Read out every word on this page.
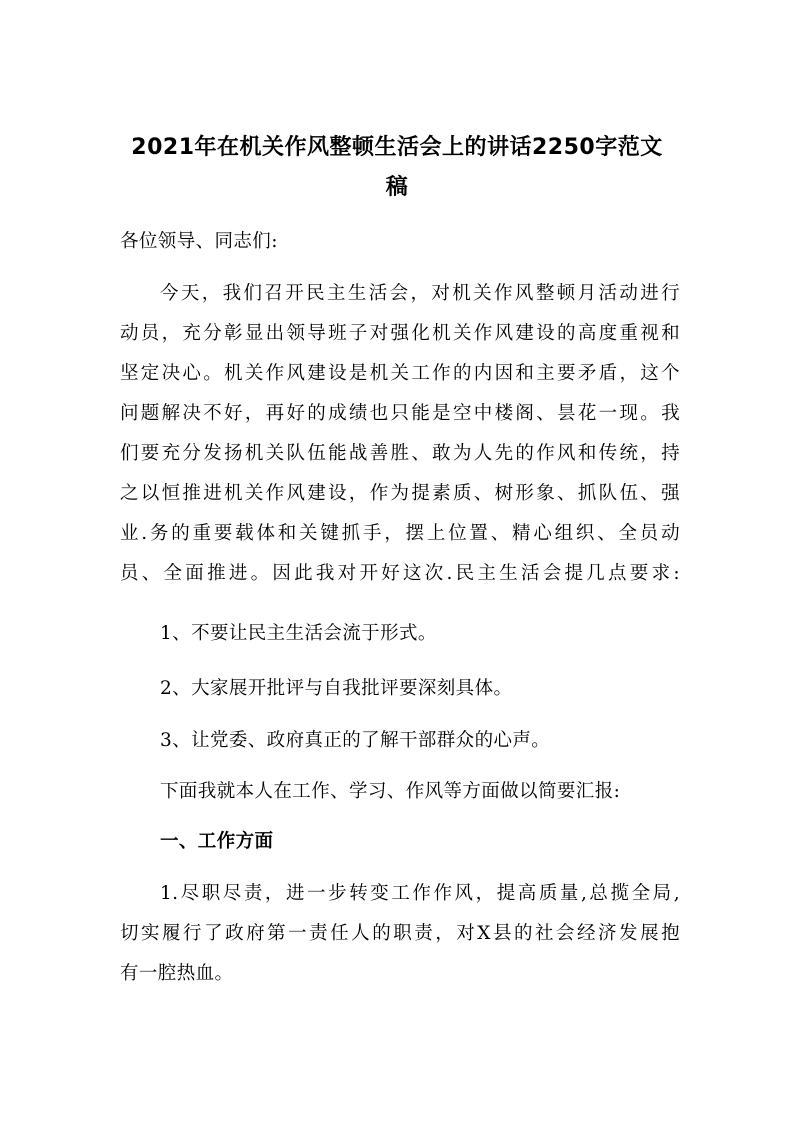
2021年在机关作风整顿生活会上的讲话2250字范文
稿
各位领导、同志们:
今天，我们召开民主生活会，对机关作风整顿月活动进行
动员，充分彰显出领导班子对强化机关作风建设的高度重视和
坚定决心。机关作风建设是机关工作的内因和主要矛盾，这个
问题解决不好，再好的成绩也只能是空中楼阁、昙花一现。我
们要充分发扬机关队伍能战善胜、敢为人先的作风和传统，持
之以恒推进机关作风建设，作为提素质、树形象、抓队伍、强
业.务的重要载体和关键抓手，摆上位置、精心组织、全员动
员、全面推进。因此我对开好这次.民主生活会提几点要求:
1、不要让民主生活会流于形式。
2、大家展开批评与自我批评要深刻具体。
3、让党委、政府真正的了解干部群众的心声。
下面我就本人在工作、学习、作风等方面做以简要汇报:
一、工作方面
1.尽职尽责，进一步转变工作作风，提高质量,总揽全局,
切实履行了政府第一责任人的职责，对X县的社会经济发展抱
有一腔热血。
